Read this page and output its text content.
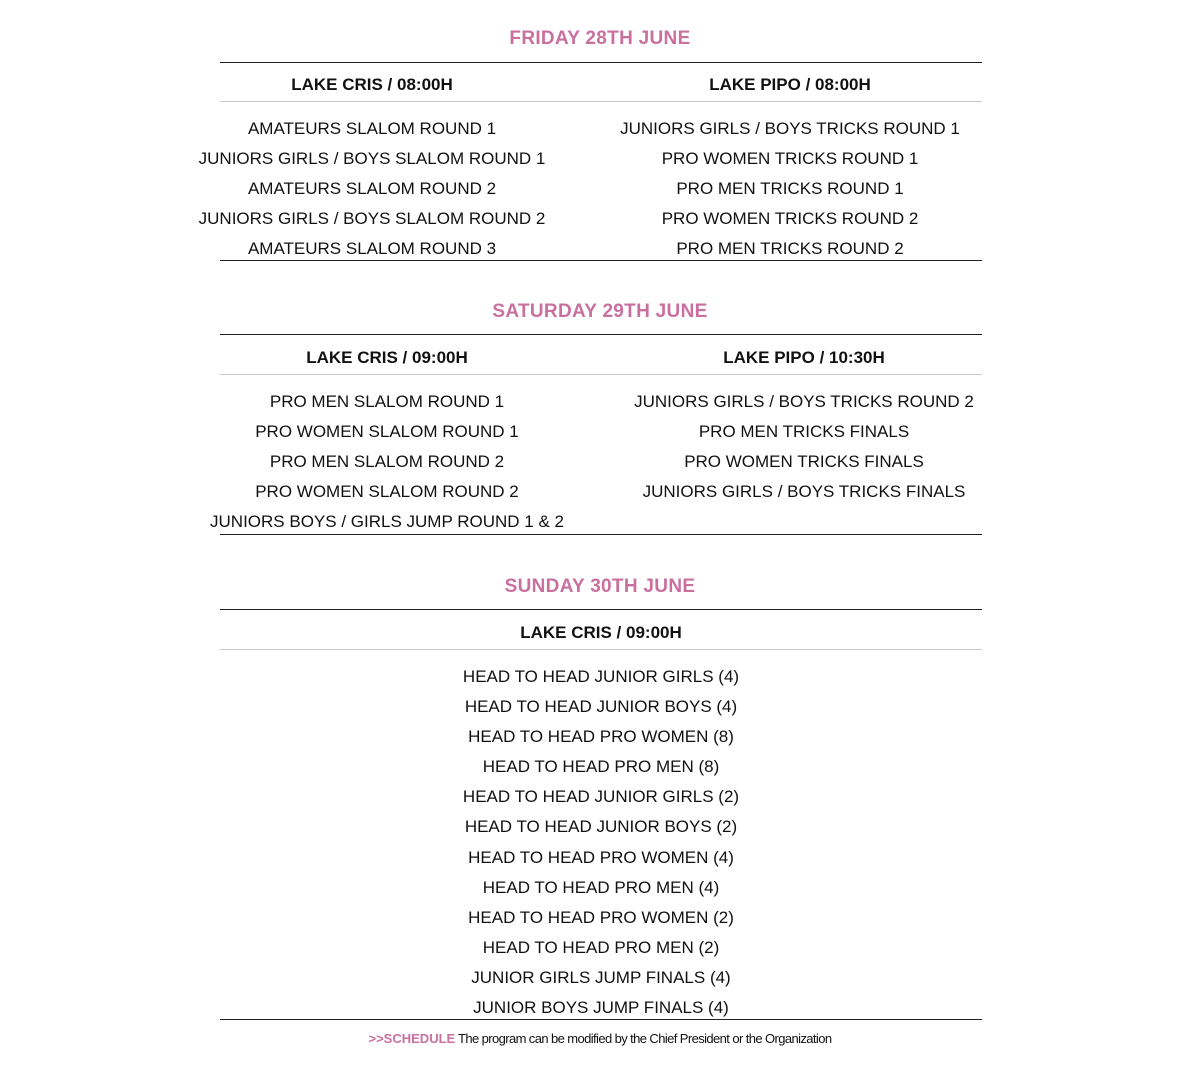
FRIDAY 28TH JUNE
LAKE CRIS / 08:00H
AMATEURS SLALOM ROUND 1
JUNIORS GIRLS / BOYS SLALOM ROUND 1
AMATEURS SLALOM ROUND 2
JUNIORS GIRLS / BOYS SLALOM ROUND 2
AMATEURS SLALOM ROUND 3
LAKE PIPO / 08:00H
JUNIORS GIRLS / BOYS TRICKS ROUND 1
PRO WOMEN TRICKS ROUND 1
PRO MEN TRICKS ROUND 1
PRO WOMEN TRICKS ROUND 2
PRO MEN TRICKS ROUND 2
SATURDAY 29TH JUNE
LAKE CRIS / 09:00H
PRO MEN SLALOM ROUND 1
PRO WOMEN SLALOM ROUND 1
PRO MEN SLALOM ROUND 2
PRO WOMEN SLALOM ROUND 2
JUNIORS BOYS / GIRLS JUMP ROUND 1 & 2
LAKE PIPO / 10:30H
JUNIORS GIRLS / BOYS TRICKS ROUND 2
PRO MEN TRICKS FINALS
PRO WOMEN TRICKS FINALS
JUNIORS GIRLS / BOYS TRICKS FINALS
SUNDAY 30TH JUNE
LAKE CRIS / 09:00H
HEAD TO HEAD JUNIOR GIRLS (4)
HEAD TO HEAD JUNIOR BOYS (4)
HEAD TO HEAD PRO WOMEN (8)
HEAD TO HEAD PRO MEN (8)
HEAD TO HEAD JUNIOR GIRLS (2)
HEAD TO HEAD JUNIOR BOYS (2)
HEAD TO HEAD PRO WOMEN (4)
HEAD TO HEAD PRO MEN (4)
HEAD TO HEAD PRO WOMEN (2)
HEAD TO HEAD PRO MEN (2)
JUNIOR GIRLS JUMP FINALS (4)
JUNIOR BOYS JUMP FINALS (4)
>>SCHEDULE The program can be modified by the Chief President or the Organization
